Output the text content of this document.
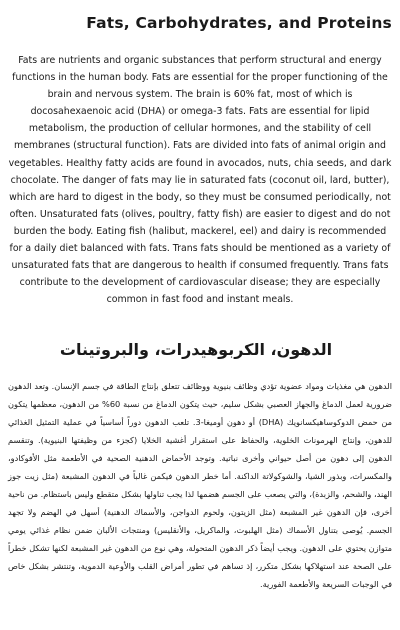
Fats, Carbohydrates, and Proteins

Fats are nutrients and organic substances that perform structural and energy functions in the human body. Fats are essential for the proper functioning of the brain and nervous system. The brain is 60% fat, most of which is docosahexaenoic acid (DHA) or omega-3 fats. Fats are essential for lipid metabolism, the production of cellular hormones, and the stability of cell membranes (structural function). Fats are divided into fats of animal origin and vegetables. Healthy fatty acids are found in avocados, nuts, chia seeds, and dark chocolate. The danger of fats may lie in saturated fats (coconut oil, lard, butter), which are hard to digest in the body, so they must be consumed periodically, not often. Unsaturated fats (olives, poultry, fatty fish) are easier to digest and do not burden the body. Eating fish (halibut, mackerel, eel) and dairy is recommended for a daily diet balanced with fats. Trans fats should be mentioned as a variety of unsaturated fats that are dangerous to health if consumed frequently. Trans fats contribute to the development of cardiovascular disease; they are especially common in fast food and instant meals.

الدهون، الكربوهيدرات، والبروتينات

الدهون هي مغذيات ومواد عضوية تؤدي وظائف بنيوية ووظائف تتعلق بإنتاج الطاقة في جسم الإنسان. وتعد الدهون ضرورية لعمل الدماغ والجهاز العصبي بشكل سليم، حيث يتكون الدماغ من نسبة 60% من الدهون، معظمها يتكون من حمض الدوكوساهيكسانويك (DHA) أو دهون أوميغا-3. تلعب الدهون دوراً أساسياً في عملية التمثيل الغذائي للدهون، وإنتاج الهرمونات الخلوية، والحفاظ على استقرار أغشية الخلايا (كجزء من وظيفتها البنيوية). وتنقسم الدهون إلى دهون من أصل حيواني وأخرى نباتية. وتوجد الأحماض الدهنية الصحية في الأطعمة مثل الأفوكادو، والمكسرات، وبذور الشيا، والشوكولاتة الداكنة. أما خطر الدهون فيكمن غالباً في الدهون المشبعة (مثل زيت جوز الهند، والشحم، والزبدة)، والتي يصعب على الجسم هضمها لذا يجب تناولها بشكل متقطع وليس باستظام. من ناحية أخرى، فإن الدهون غير المشبعة (مثل الزيتون، ولحوم الدواجن، والأسماك الدهنية) أسهل في الهضم ولا تجهد الجسم. يُوصى بتناول الأسماك (مثل الهلبوت، والماكريل، والأنقليس) ومنتجات الألبان ضمن نظام غذائي يومي متوازن يحتوي على الدهون. ويجب أيضاً ذكر الدهون المتحولة، وهي نوع من الدهون غير المشبعة لكنها تشكل خطراً على الصحة عند استهلاكها بشكل متكرر، إذ تساهم في تطور أمراض القلب والأوعية الدموية، وتنتشر بشكل خاص في الوجبات السريعة والأطعمة الفورية.
